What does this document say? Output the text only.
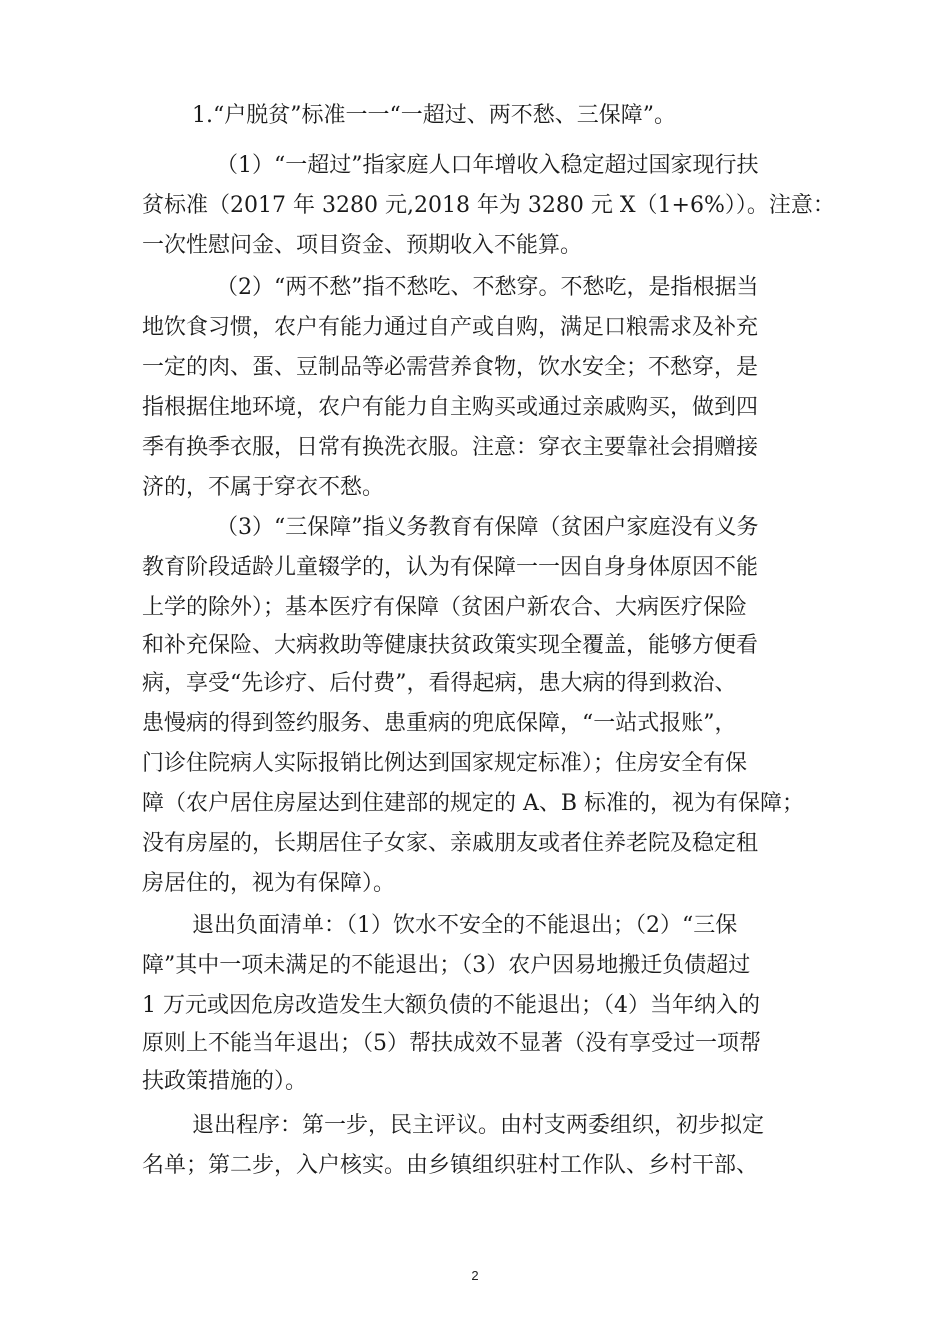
1.“户脱贫”标准一一“一超过、两不愁、三保障”。
（1）“一超过”指家庭人口年增收入稳定超过国家现行扶
贫标准（2017 年 3280 元,2018 年为 3280 元 X（1+6%））。注意：
一次性慰问金、项目资金、预期收入不能算。
（2）“两不愁”指不愁吃、不愁穿。不愁吃，是指根据当
地饮食习惯，农户有能力通过自产或自购，满足口粮需求及补充
一定的肉、蛋、豆制品等必需营养食物，饮水安全；不愁穿，是
指根据住地环境，农户有能力自主购买或通过亲戚购买，做到四
季有换季衣服，日常有换洗衣服。注意：穿衣主要靠社会捐赠接
济的，不属于穿衣不愁。
（3）“三保障”指义务教育有保障（贫困户家庭没有义务
教育阶段适龄儿童辍学的，认为有保障一一因自身身体原因不能
上学的除外）；基本医疗有保障（贫困户新农合、大病医疗保险
和补充保险、大病救助等健康扶贫政策实现全覆盖，能够方便看
病，享受“先诊疗、后付费”，看得起病，患大病的得到救治、
患慢病的得到签约服务、患重病的兜底保障，“一站式报账”，
门诊住院病人实际报销比例达到国家规定标准）；住房安全有保
障（农户居住房屋达到住建部的规定的 A、B 标准的，视为有保障；
没有房屋的，长期居住子女家、亲戚朋友或者住养老院及稳定租
房居住的，视为有保障）。
退出负面清单：（1）饮水不安全的不能退出；（2）“三保
障”其中一项未满足的不能退出；（3）农户因易地搬迁负债超过
1 万元或因危房改造发生大额负债的不能退出；（4）当年纳入的
原则上不能当年退出；（5）帮扶成效不显著（没有享受过一项帮
扶政策措施的）。
退出程序：第一步，民主评议。由村支两委组织，初步拟定
名单；第二步，入户核实。由乡镇组织驻村工作队、乡村干部、
2
